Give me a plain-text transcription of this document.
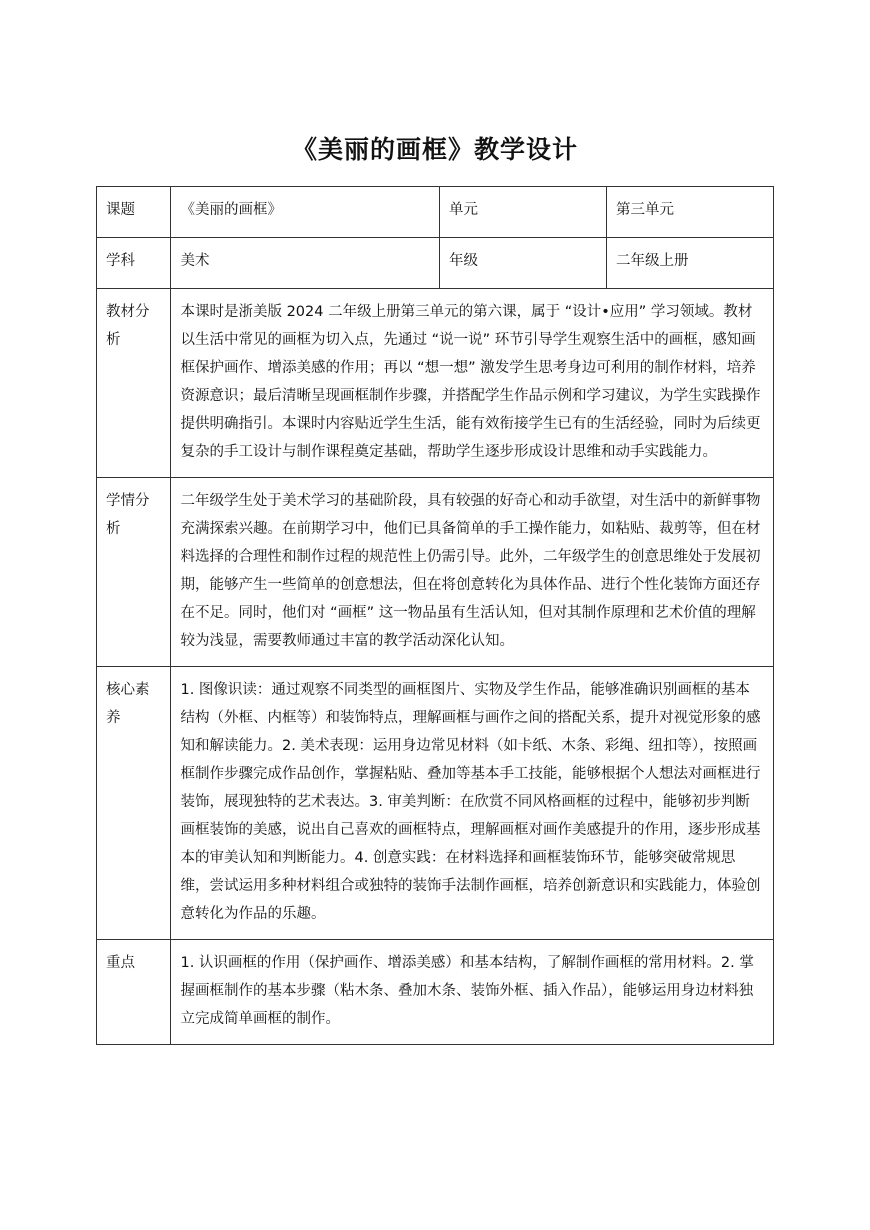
《美丽的画框》教学设计
课题	《美丽的画框》	单元	第三单元
学科	美术	年级	二年级上册
教材分析	本课时是浙美版 2024 二年级上册第三单元的第六课，属于 “设计•应用” 学习领域。教材以生活中常见的画框为切入点，先通过 “说一说” 环节引导学生观察生活中的画框，感知画框保护画作、增添美感的作用；再以 “想一想” 激发学生思考身边可利用的制作材料，培养资源意识；最后清晰呈现画框制作步骤，并搭配学生作品示例和学习建议，为学生实践操作提供明确指引。本课时内容贴近学生生活，能有效衔接学生已有的生活经验，同时为后续更复杂的手工设计与制作课程奠定基础，帮助学生逐步形成设计思维和动手实践能力。		
学情分析	二年级学生处于美术学习的基础阶段，具有较强的好奇心和动手欲望，对生活中的新鲜事物充满探索兴趣。在前期学习中，他们已具备简单的手工操作能力，如粘贴、裁剪等，但在材料选择的合理性和制作过程的规范性上仍需引导。此外，二年级学生的创意思维处于发展初期，能够产生一些简单的创意想法，但在将创意转化为具体作品、进行个性化装饰方面还存在不足。同时，他们对 “画框” 这一物品虽有生活认知，但对其制作原理和艺术价值的理解较为浅显，需要教师通过丰富的教学活动深化认知。		
核心素养	1. 图像识读：通过观察不同类型的画框图片、实物及学生作品，能够准确识别画框的基本结构（外框、内框等）和装饰特点，理解画框与画作之间的搭配关系，提升对视觉形象的感知和解读能力。2. 美术表现：运用身边常见材料（如卡纸、木条、彩绳、纽扣等），按照画框制作步骤完成作品创作，掌握粘贴、叠加等基本手工技能，能够根据个人想法对画框进行装饰，展现独特的艺术表达。3. 审美判断：在欣赏不同风格画框的过程中，能够初步判断画框装饰的美感，说出自己喜欢的画框特点，理解画框对画作美感提升的作用，逐步形成基本的审美认知和判断能力。4. 创意实践：在材料选择和画框装饰环节，能够突破常规思维，尝试运用多种材料组合或独特的装饰手法制作画框，培养创新意识和实践能力，体验创意转化为作品的乐趣。		
重点	1. 认识画框的作用（保护画作、增添美感）和基本结构，了解制作画框的常用材料。2. 掌握画框制作的基本步骤（粘木条、叠加木条、装饰外框、插入作品），能够运用身边材料独立完成简单画框的制作。		
